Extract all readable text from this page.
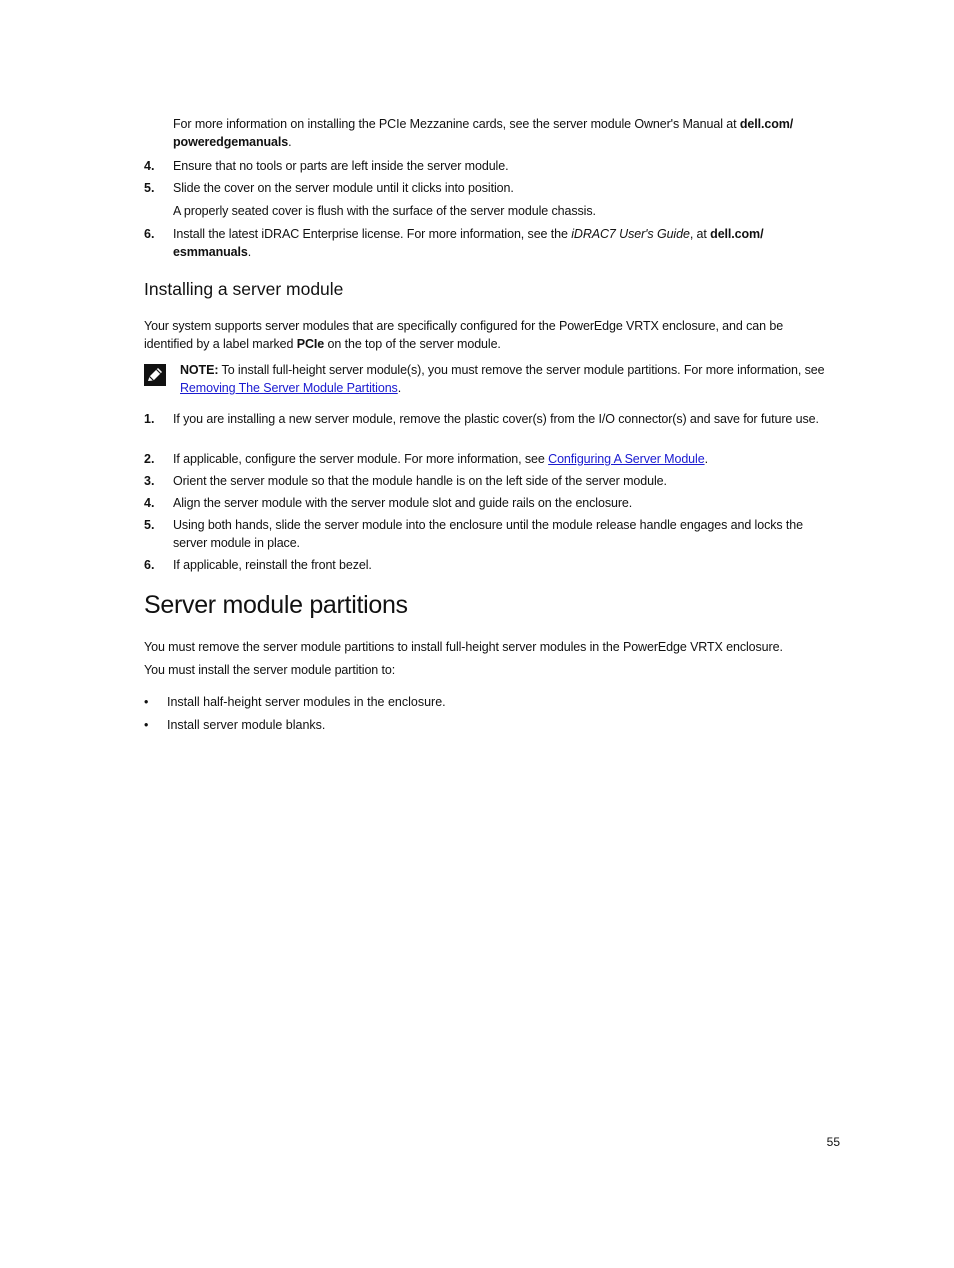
For more information on installing the PCIe Mezzanine cards, see the server module Owner's Manual at dell.com/
poweredgemanuals.
4.	Ensure that no tools or parts are left inside the server module.
5.	Slide the cover on the server module until it clicks into position.
A properly seated cover is flush with the surface of the server module chassis.
6.	Install the latest iDRAC Enterprise license. For more information, see the iDRAC7 User's Guide, at dell.com/
esmmanuals.
Installing a server module
Your system supports server modules that are specifically configured for the PowerEdge VRTX enclosure, and can be identified by a label marked PCIe on the top of the server module.
NOTE: To install full-height server module(s), you must remove the server module partitions. For more information, see Removing The Server Module Partitions.
1.	If you are installing a new server module, remove the plastic cover(s) from the I/O connector(s) and save for future use.
2.	If applicable, configure the server module. For more information, see Configuring A Server Module.
3.	Orient the server module so that the module handle is on the left side of the server module.
4.	Align the server module with the server module slot and guide rails on the enclosure.
5.	Using both hands, slide the server module into the enclosure until the module release handle engages and locks the server module in place.
6.	If applicable, reinstall the front bezel.
Server module partitions
You must remove the server module partitions to install full-height server modules in the PowerEdge VRTX enclosure.
You must install the server module partition to:
• Install half-height server modules in the enclosure.
• Install server module blanks.
55
